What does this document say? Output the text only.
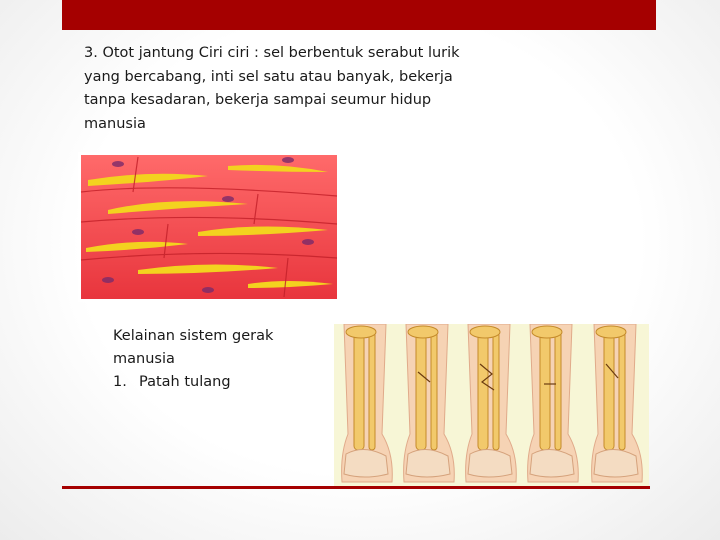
3. Otot jantung Ciri ciri : sel berbentuk serabut lurik yang bercabang, inti sel satu atau banyak, bekerja tanpa kesadaran, bekerja sampai seumur hidup manusia
Kelainan sistem gerak manusia
1. Patah tulang
